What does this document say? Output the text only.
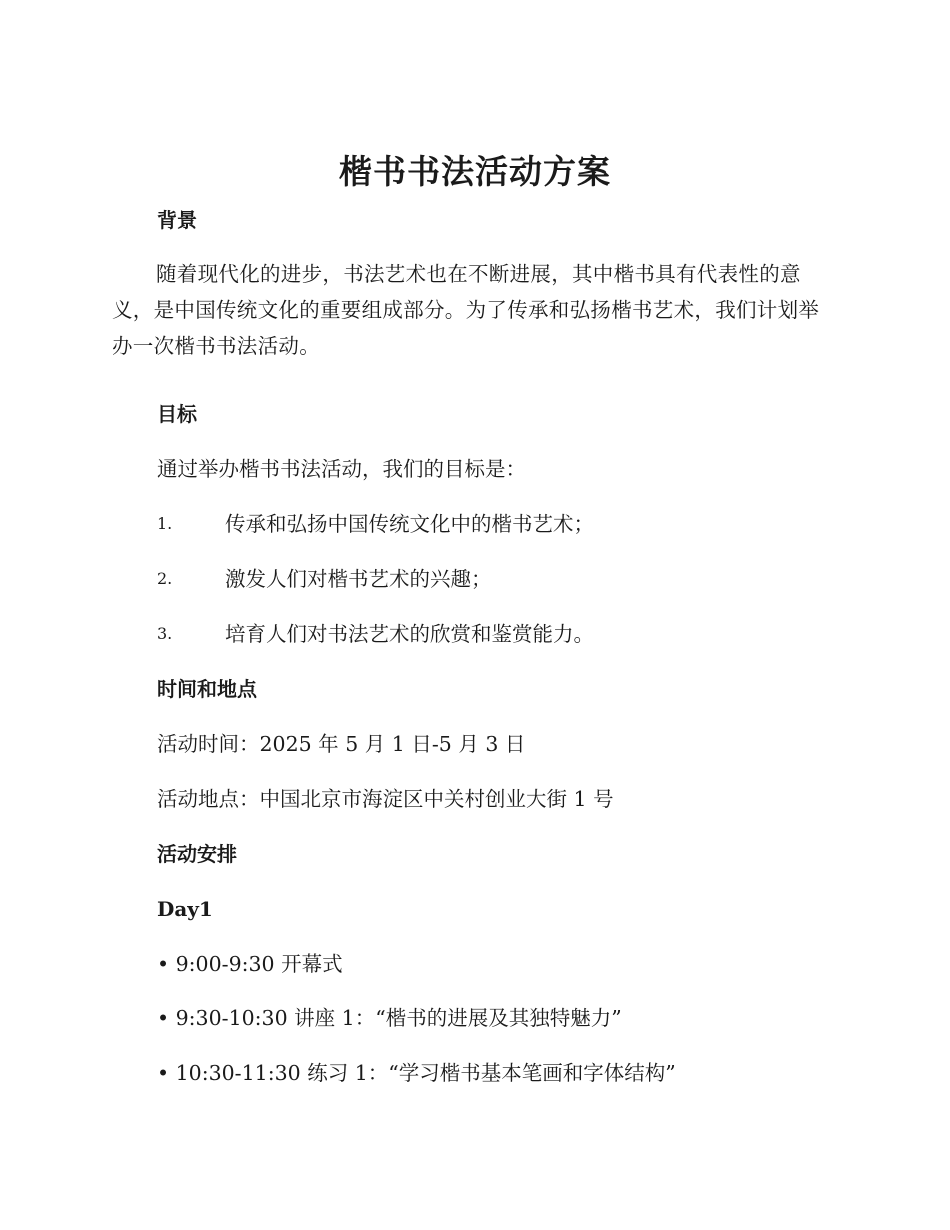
楷书书法活动方案
背景
随着现代化的进步，书法艺术也在不断进展，其中楷书具有代表性的意义，是中国传统文化的重要组成部分。为了传承和弘扬楷书艺术，我们计划举办一次楷书书法活动。
目标
通过举办楷书书法活动，我们的目标是：
1.	传承和弘扬中国传统文化中的楷书艺术；
2.	激发人们对楷书艺术的兴趣；
3.	培育人们对书法艺术的欣赏和鉴赏能力。
时间和地点
活动时间：2025 年 5 月 1 日-5 月 3 日
活动地点：中国北京市海淀区中关村创业大街 1 号
活动安排
Day1
• 9:00-9:30 开幕式
• 9:30-10:30 讲座 1：“楷书的进展及其独特魅力”
• 10:30-11:30 练习 1：“学习楷书基本笔画和字体结构”
